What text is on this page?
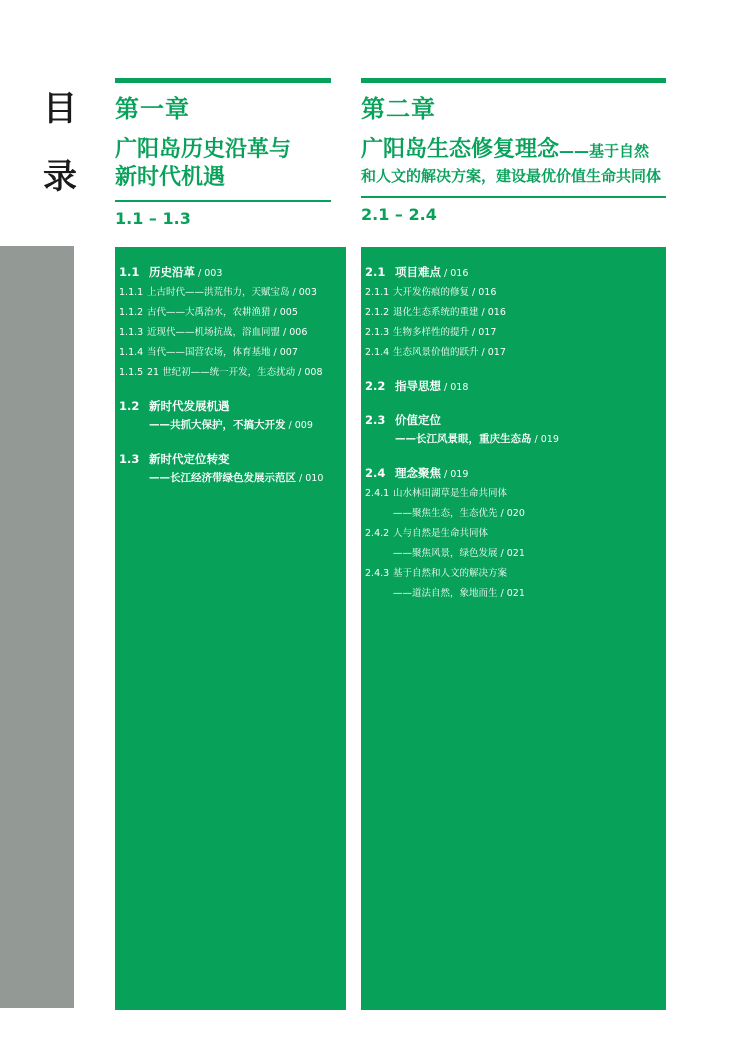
目
录
第一章
广阳岛历史沿革与
新时代机遇
1.1 – 1.3
第二章
广阳岛生态修复理念——基于自然
和人文的解决方案，建设最优价值生命共同体
2.1 – 2.4
1.1 历史沿革 / 003
1.1.1 上古时代——洪荒伟力，天赋宝岛 / 003
1.1.2 古代——大禹治水，农耕渔猎 / 005
1.1.3 近现代——机场抗战，浴血同盟 / 006
1.1.4 当代——国营农场，体育基地 / 007
1.1.5 21 世纪初——统一开发，生态扰动 / 008
1.2 新时代发展机遇
——共抓大保护，不搞大开发 / 009
1.3 新时代定位转变
——长江经济带绿色发展示范区 / 010
2.1 项目难点 / 016
2.1.1 大开发伤痕的修复 / 016
2.1.2 退化生态系统的重建 / 016
2.1.3 生物多样性的提升 / 017
2.1.4 生态风景价值的跃升 / 017
2.2 指导思想 / 018
2.3 价值定位
——长江风景眼，重庆生态岛 / 019
2.4 理念聚焦 / 019
2.4.1 山水林田湖草是生命共同体
——聚焦生态，生态优先 / 020
2.4.2 人与自然是生命共同体
——聚焦风景，绿色发展 / 021
2.4.3 基于自然和人文的解决方案
——道法自然，象地而生 / 021
